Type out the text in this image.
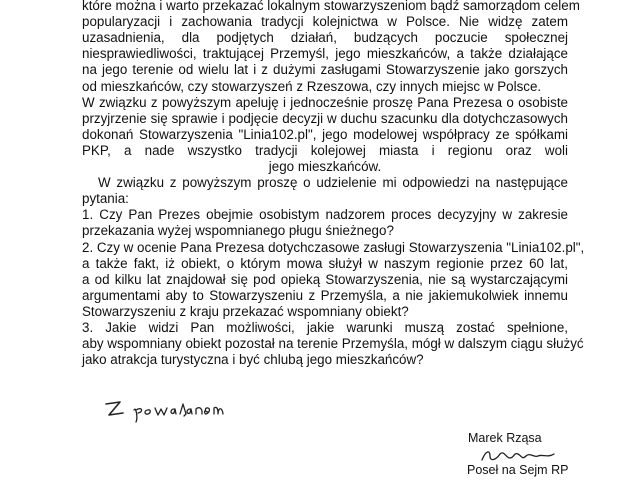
które można i warto przekazać lokalnym stowarzyszeniom bądź samorządom celem
popularyzacji i zachowania tradycji kolejnictwa w Polsce. Nie widzę zatem
uzasadnienia, dla podjętych działań, budzących poczucie społecznej
niesprawiedliwości, traktującej Przemyśl, jego mieszkańców, a także działające
na jego terenie od wielu lat i z dużymi zasługami Stowarzyszenie jako gorszych
od mieszkańców, czy stowarzyszeń z Rzeszowa, czy innych miejsc w Polsce.
W związku z powyższym apeluję i jednocześnie proszę Pana Prezesa o osobiste
przyjrzenie się sprawie i podjęcie decyzji w duchu szacunku dla dotychczasowych
dokonań Stowarzyszenia "Linia102.pl", jego modelowej współpracy ze spółkami
PKP, a nade wszystko tradycji kolejowej miasta i regionu oraz woli
jego mieszkańców.
W związku z powyższym proszę o udzielenie mi odpowiedzi na następujące
pytania:
1. Czy Pan Prezes obejmie osobistym nadzorem proces decyzyjny w zakresie
przekazania wyżej wspomnianego pługu śnieżnego?
2. Czy w ocenie Pana Prezesa dotychczasowe zasługi Stowarzyszenia "Linia102.pl",
a także fakt, iż obiekt, o którym mowa służył w naszym regionie przez 60 lat,
a od kilku lat znajdował się pod opieką Stowarzyszenia, nie są wystarczającymi
argumentami aby to Stowarzyszeniu z Przemyśla, a nie jakiemukolwiek innemu
Stowarzyszeniu z kraju przekazać wspomniany obiekt?
3. Jakie widzi Pan możliwości, jakie warunki muszą zostać spełnione,
aby wspomniany obiekt pozostał na terenie Przemyśla, mógł w dalszym ciągu służyć
jako atrakcja turystyczna i być chlubą jego mieszkańców?
Marek Rząsa
Poseł na Sejm RP
